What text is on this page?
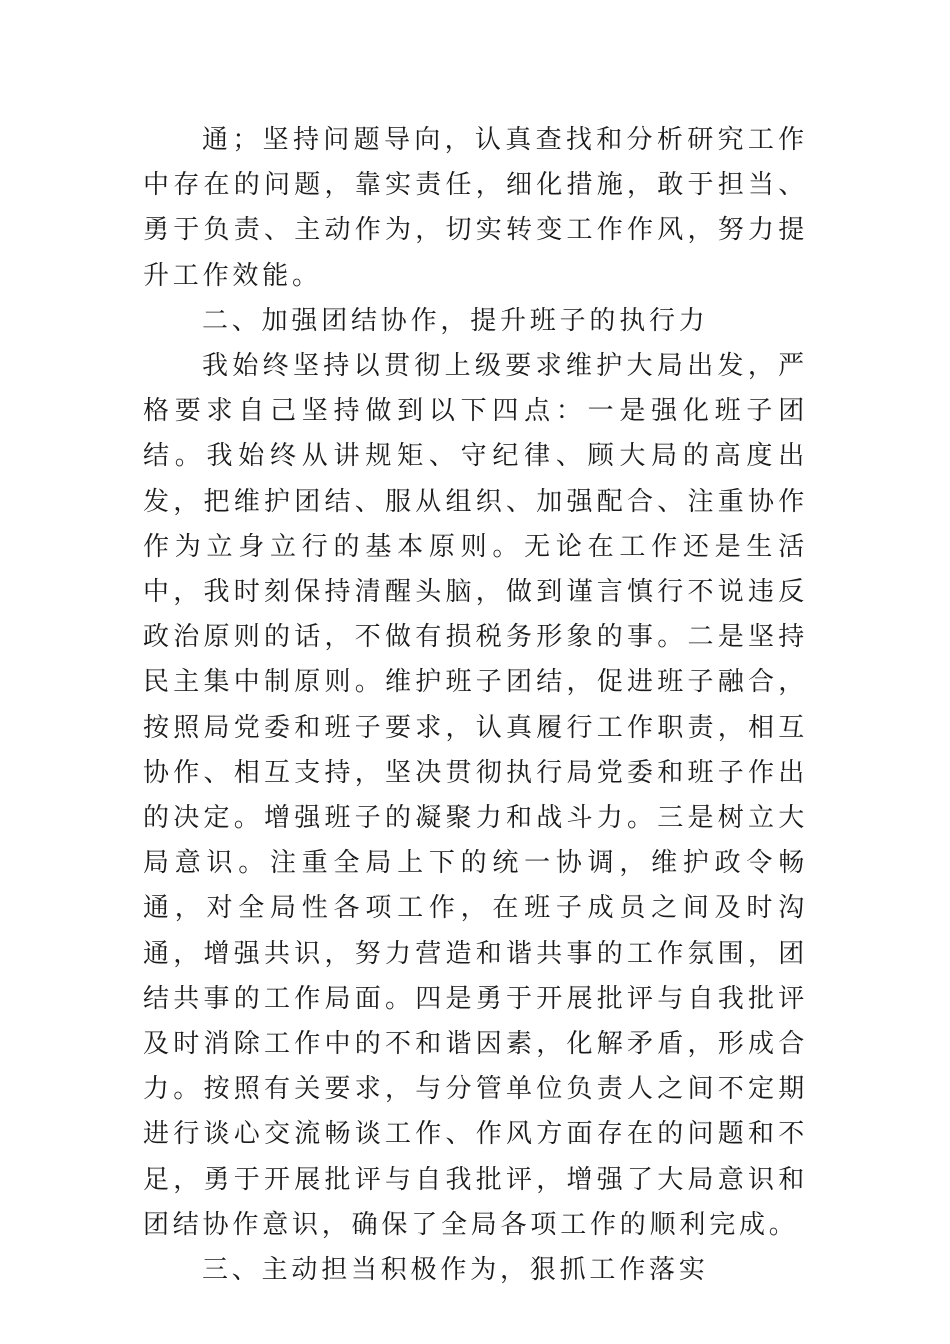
通；坚持问题导向，认真查找和分析研究工作中存在的问题，靠实责任，细化措施，敢于担当、勇于负责、主动作为，切实转变工作作风，努力提升工作效能。

二、加强团结协作，提升班子的执行力

我始终坚持以贯彻上级要求维护大局出发，严格要求自己坚持做到以下四点：一是强化班子团结。我始终从讲规矩、守纪律、顾大局的高度出发，把维护团结、服从组织、加强配合、注重协作作为立身立行的基本原则。无论在工作还是生活中，我时刻保持清醒头脑，做到谨言慎行不说违反政治原则的话，不做有损税务形象的事。二是坚持民主集中制原则。维护班子团结，促进班子融合，按照局党委和班子要求，认真履行工作职责，相互协作、相互支持，坚决贯彻执行局党委和班子作出的决定。增强班子的凝聚力和战斗力。三是树立大局意识。注重全局上下的统一协调，维护政令畅通，对全局性各项工作，在班子成员之间及时沟通，增强共识，努力营造和谐共事的工作氛围，团结共事的工作局面。四是勇于开展批评与自我批评及时消除工作中的不和谐因素，化解矛盾，形成合力。按照有关要求，与分管单位负责人之间不定期进行谈心交流畅谈工作、作风方面存在的问题和不足，勇于开展批评与自我批评，增强了大局意识和团结协作意识，确保了全局各项工作的顺利完成。

三、主动担当积极作为，狠抓工作落实
